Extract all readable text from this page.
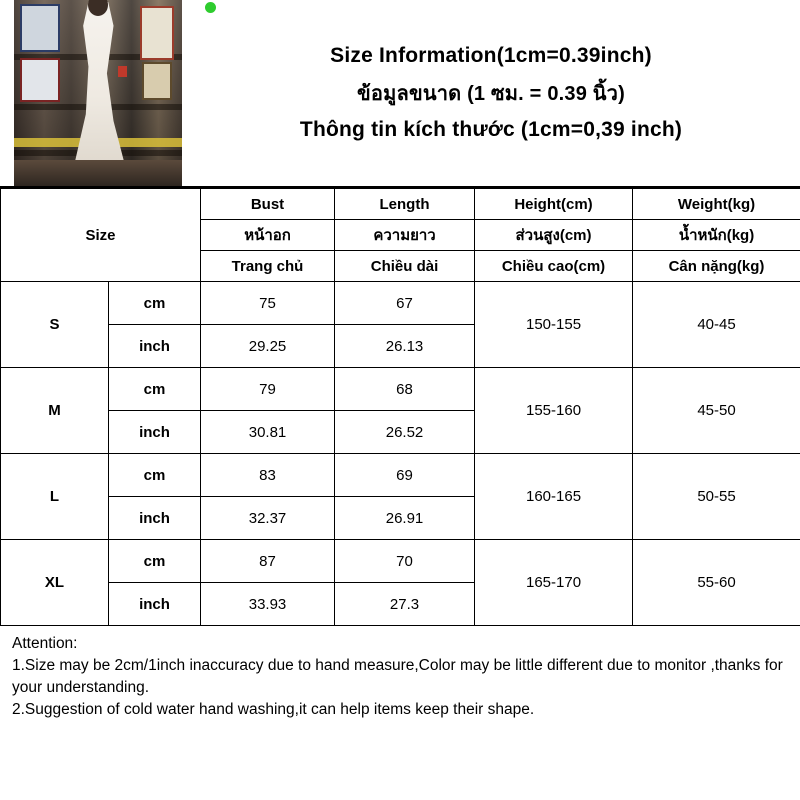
Size Information(1cm=0.39inch)
ข้อมูลขนาด (1 ซม. = 0.39 นิ้ว)
Thông tin kích thước (1cm=0,39 inch)
Size		Bust	Length	Height(cm)	Weight(kg)
		หน้าอก	ความยาว	ส่วนสูง(cm)	น้ำหนัก(kg)
		Trang chủ	Chiều dài	Chiều cao(cm)	Cân nặng(kg)
S	cm	75	67	150-155	40-45
	inch	29.25	26.13		
M	cm	79	68	155-160	45-50
	inch	30.81	26.52		
L	cm	83	69	160-165	50-55
	inch	32.37	26.91		
XL	cm	87	70	165-170	55-60
	inch	33.93	27.3		
Attention:
1.Size may be 2cm/1inch inaccuracy due to hand measure,Color may be little different due to monitor ,thanks for your understanding.
2.Suggestion of cold water hand washing,it can help items keep their shape.
